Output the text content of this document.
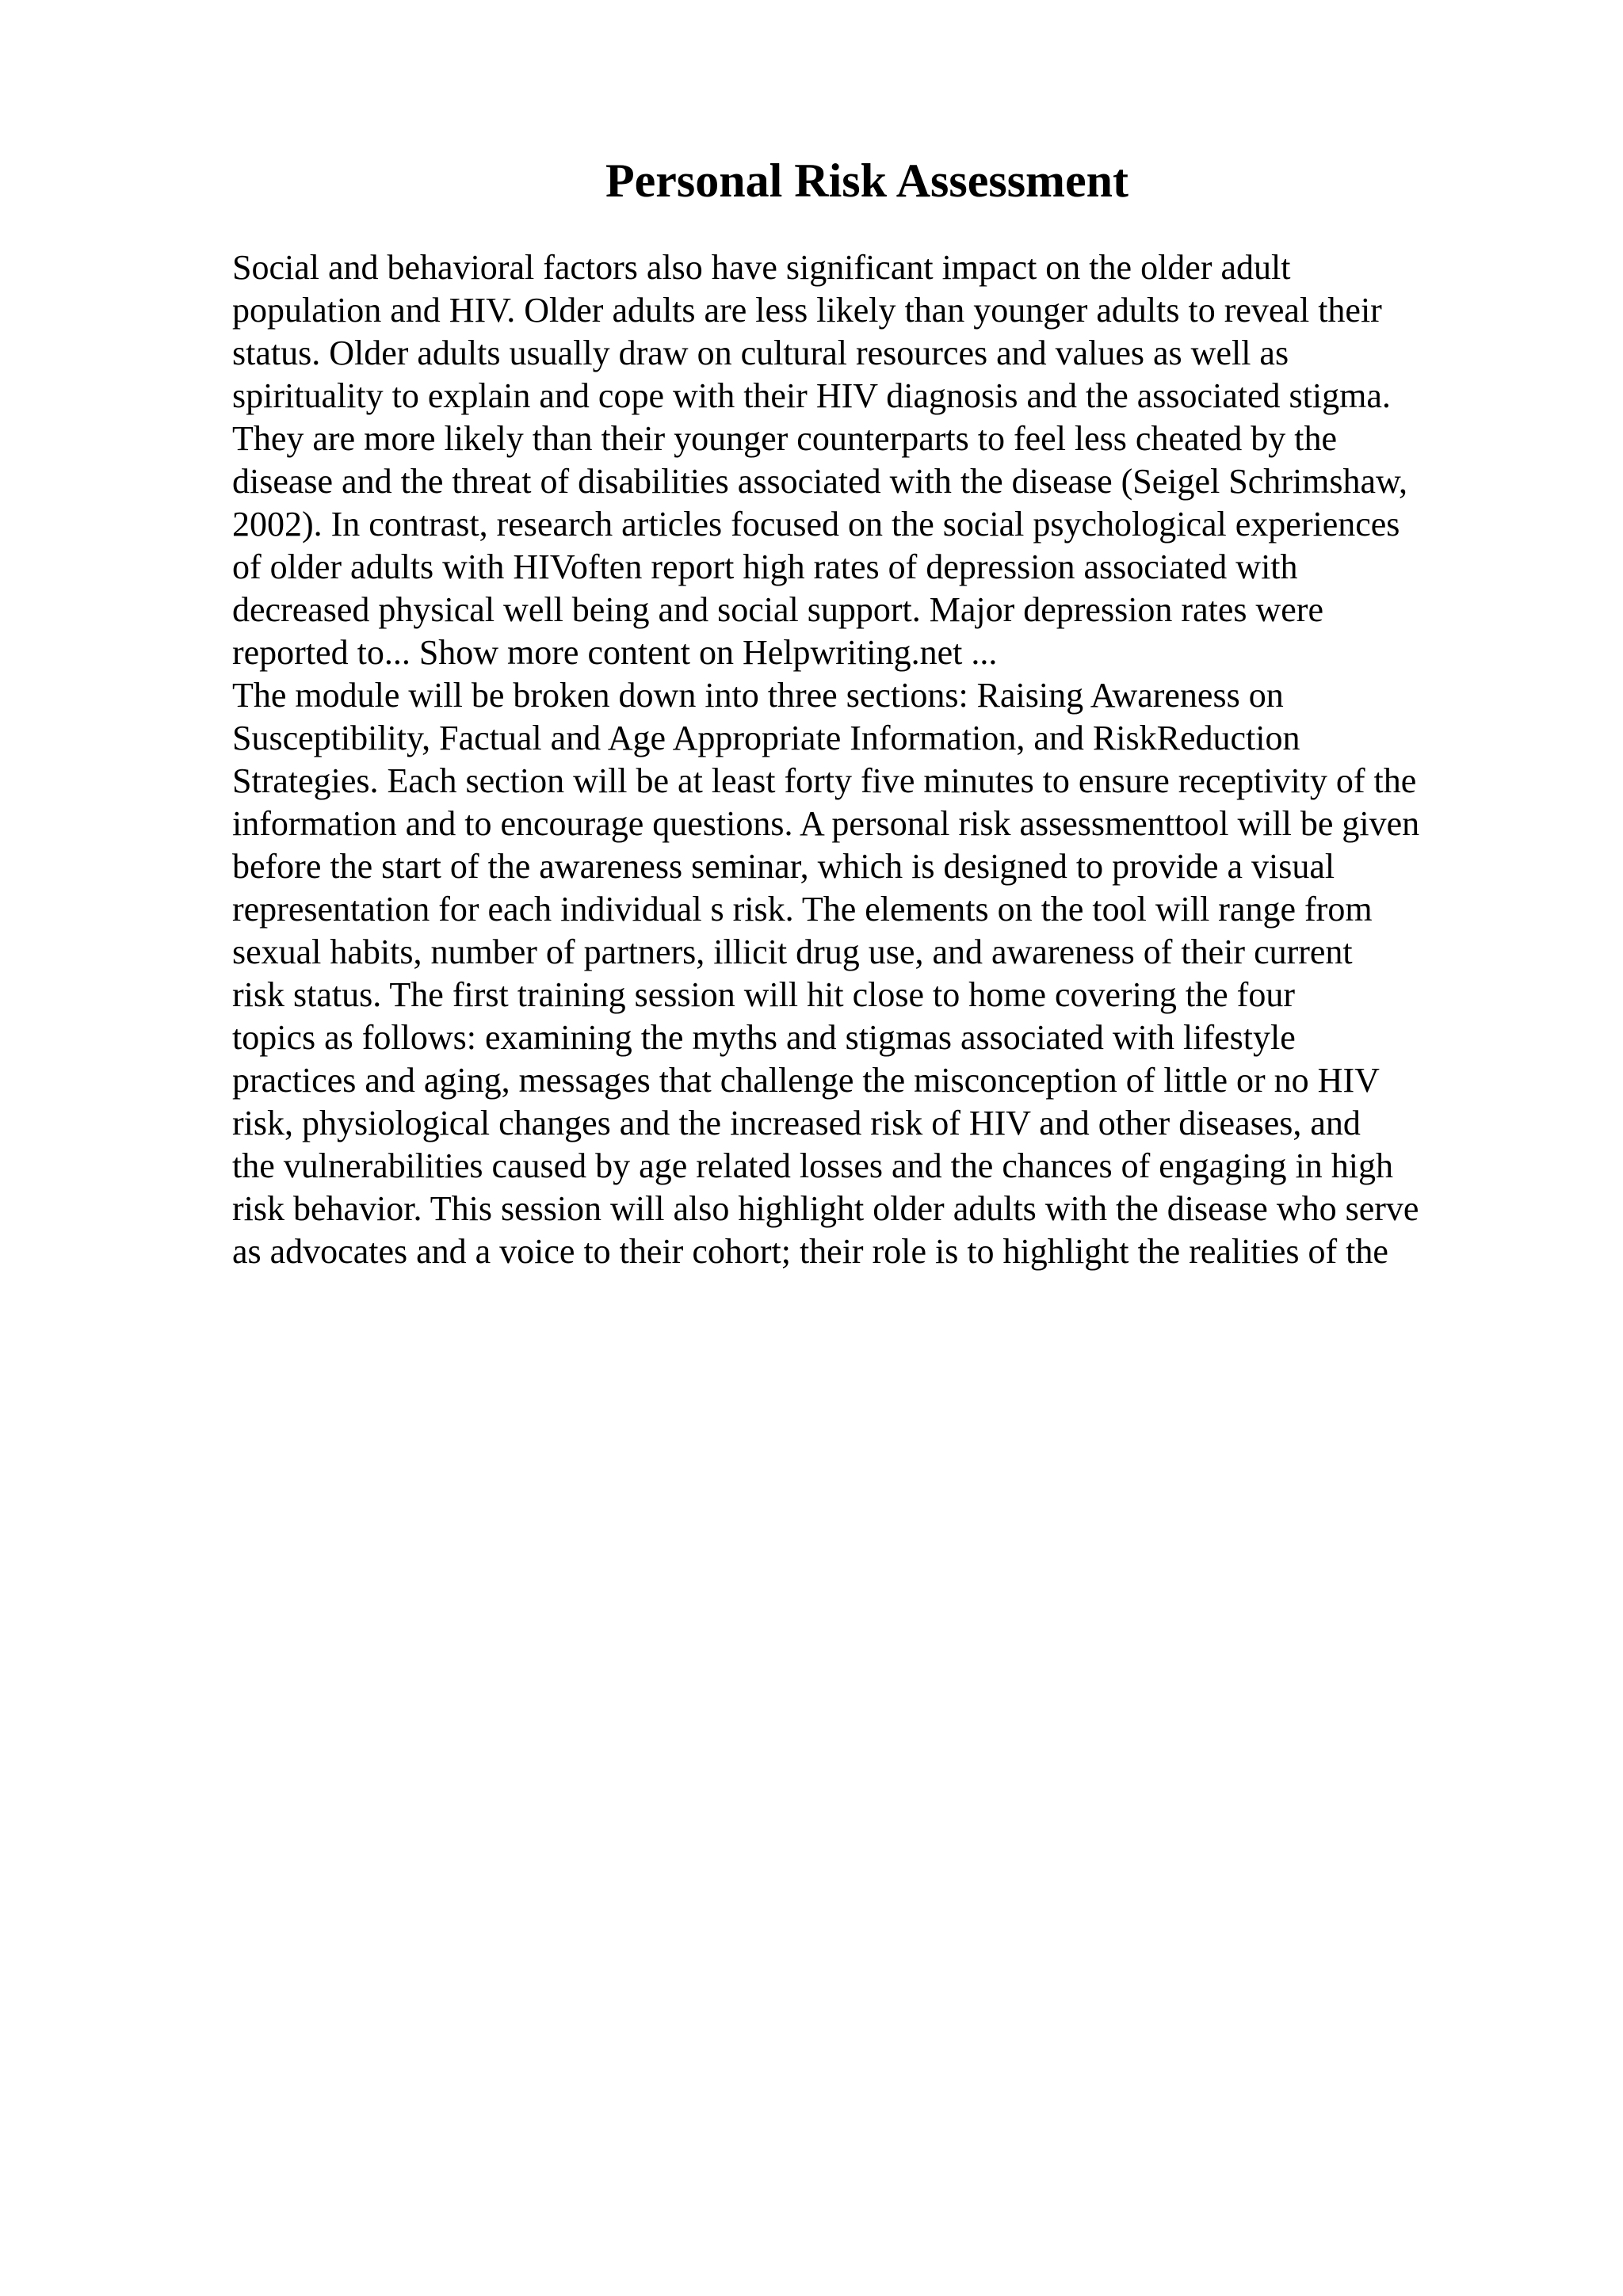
Personal Risk Assessment
Social and behavioral factors also have significant impact on the older adult
population and HIV. Older adults are less likely than younger adults to reveal their
status. Older adults usually draw on cultural resources and values as well as
spirituality to explain and cope with their HIV diagnosis and the associated stigma.
They are more likely than their younger counterparts to feel less cheated by the
disease and the threat of disabilities associated with the disease (Seigel Schrimshaw,
2002). In contrast, research articles focused on the social psychological experiences
of older adults with HIVoften report high rates of depression associated with
decreased physical well being and social support. Major depression rates were
reported to... Show more content on Helpwriting.net ...
The module will be broken down into three sections: Raising Awareness on
Susceptibility, Factual and Age Appropriate Information, and RiskReduction
Strategies. Each section will be at least forty five minutes to ensure receptivity of the
information and to encourage questions. A personal risk assessmenttool will be given
before the start of the awareness seminar, which is designed to provide a visual
representation for each individual s risk. The elements on the tool will range from
sexual habits, number of partners, illicit drug use, and awareness of their current
risk status. The first training session will hit close to home covering the four
topics as follows: examining the myths and stigmas associated with lifestyle
practices and aging, messages that challenge the misconception of little or no HIV
risk, physiological changes and the increased risk of HIV and other diseases, and
the vulnerabilities caused by age related losses and the chances of engaging in high
risk behavior. This session will also highlight older adults with the disease who serve
as advocates and a voice to their cohort; their role is to highlight the realities of the
